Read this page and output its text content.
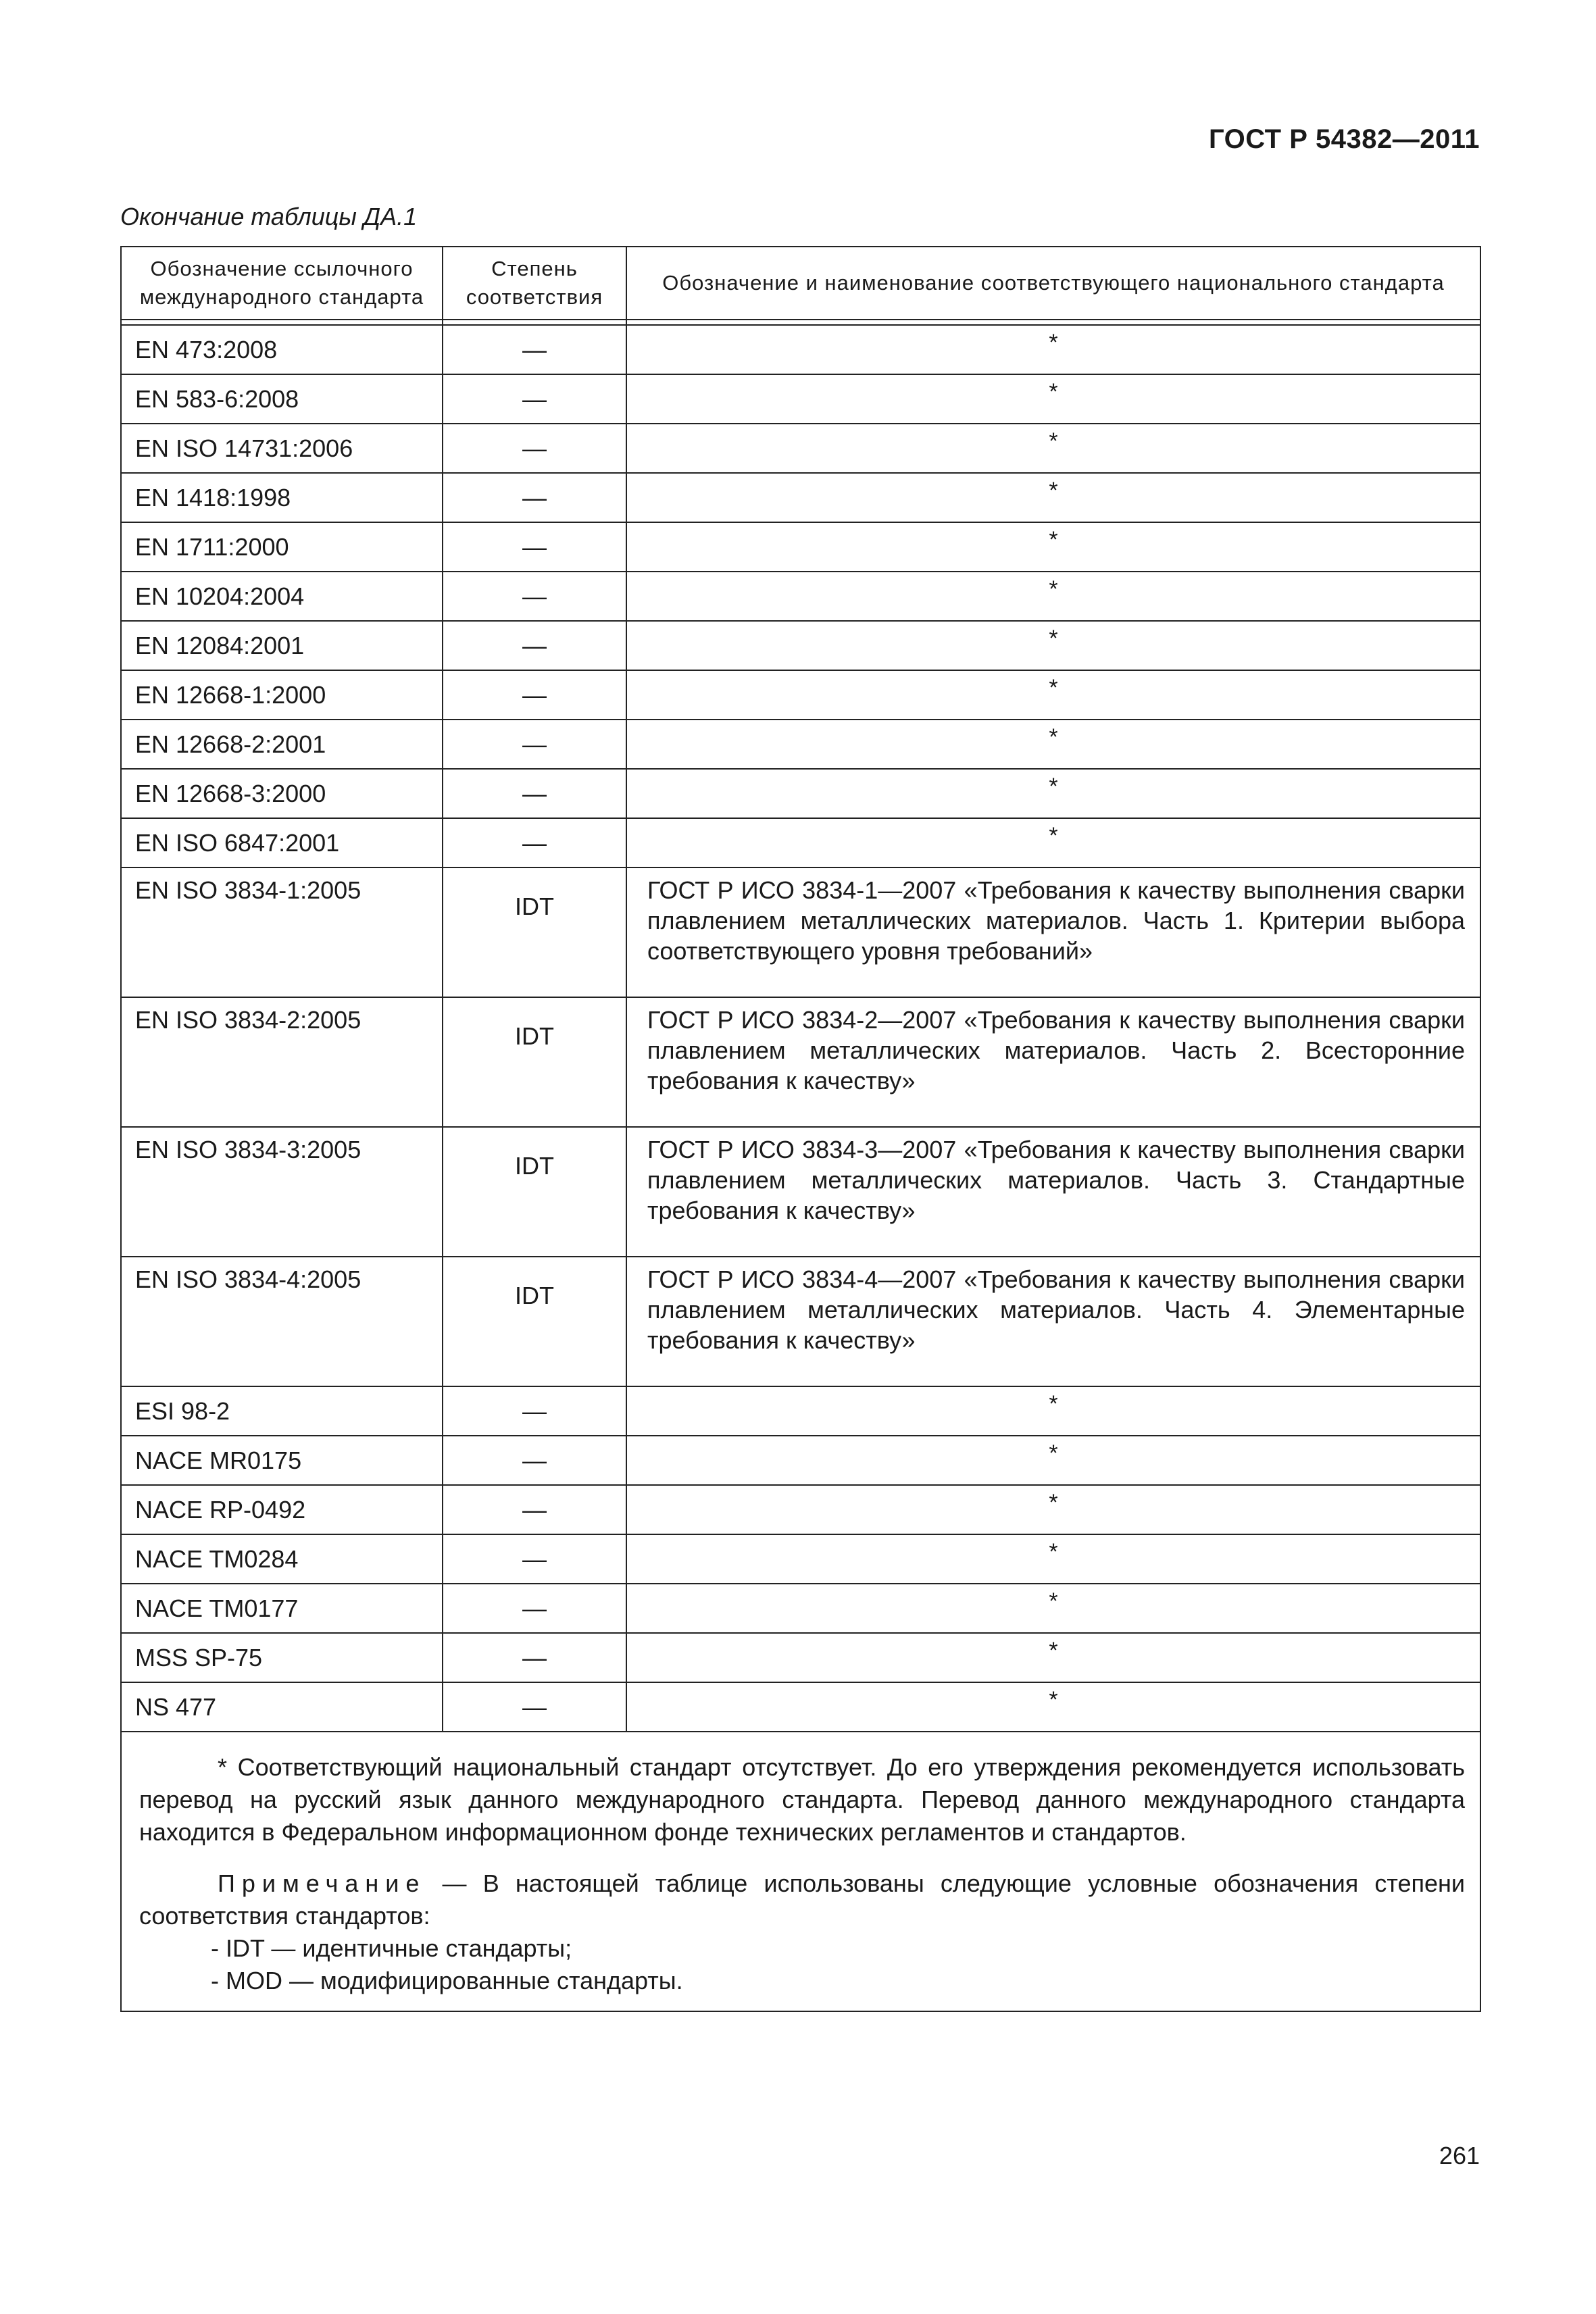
ГОСТ Р 54382—2011
Окончание таблицы ДА.1
Обозначение ссылочного международного стандарта	Степень соответствия	Обозначение и наименование соответствующего национального стандарта

EN 473:2008	—	*
EN 583-6:2008	—	*
EN ISO 14731:2006	—	*
EN 1418:1998	—	*
EN 1711:2000	—	*
EN 10204:2004	—	*
EN 12084:2001	—	*
EN 12668-1:2000	—	*
EN 12668-2:2001	—	*
EN 12668-3:2000	—	*
EN ISO 6847:2001	—	*
EN ISO 3834-1:2005	IDT	ГОСТ Р ИСО 3834-1—2007 «Требования к качеству выполнения сварки плавлением металлических материалов. Часть 1. Критерии выбора соответствующего уровня требований»
EN ISO 3834-2:2005	IDT	ГОСТ Р ИСО 3834-2—2007 «Требования к качеству выполнения сварки плавлением металлических материалов. Часть 2. Всесторонние требования к качеству»
EN ISO 3834-3:2005	IDT	ГОСТ Р ИСО 3834-3—2007 «Требования к качеству выполнения сварки плавлением металлических материалов. Часть 3. Стандартные требования к качеству»
EN ISO 3834-4:2005	IDT	ГОСТ Р ИСО 3834-4—2007 «Требования к качеству выполнения сварки плавлением металлических материалов. Часть 4. Элементарные требования к качеству»
ESI 98-2	—	*
NACE MR0175	—	*
NACE RP-0492	—	*
NACE TM0284	—	*
NACE TM0177	—	*
MSS SP-75	—	*
NS 477	—	*

* Соответствующий национальный стандарт отсутствует. До его утверждения рекомендуется использовать перевод на русский язык данного международного стандарта. Перевод данного международного стандарта находится в Федеральном информационном фонде технических регламентов и стандартов.

Примечание — В настоящей таблице использованы следующие условные обозначения степени соответствия стандартов:

- IDT — идентичные стандарты;

- MOD — модифицированные стандарты.		

261
